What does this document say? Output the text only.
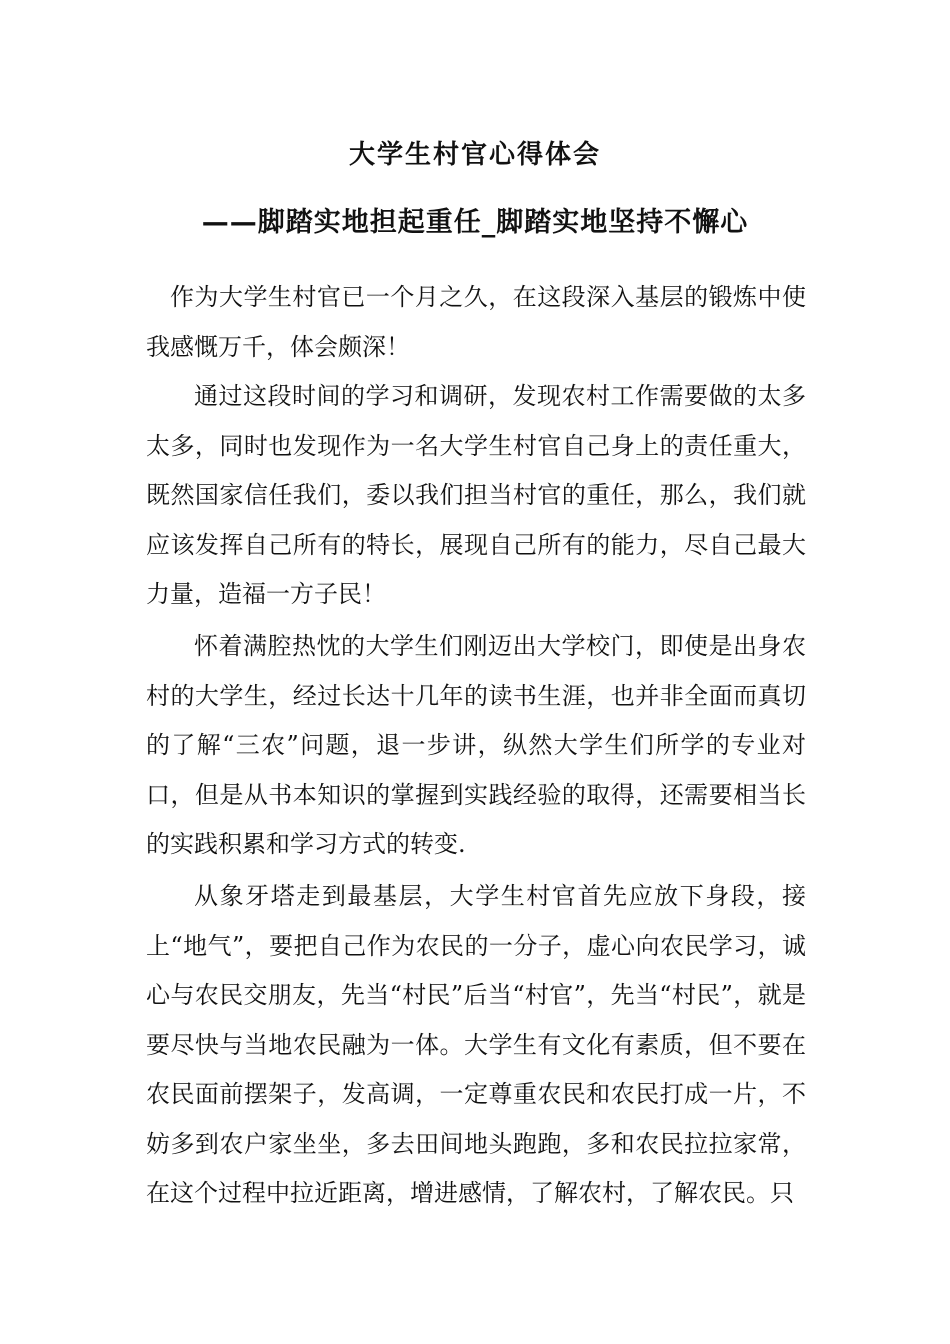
大学生村官心得体会
——脚踏实地担起重任_脚踏实地坚持不懈心

作为大学生村官已一个月之久，在这段深入基层的锻炼中使我感慨万千，体会颇深！

通过这段时间的学习和调研，发现农村工作需要做的太多太多，同时也发现作为一名大学生村官自己身上的责任重大，既然国家信任我们，委以我们担当村官的重任，那么，我们就应该发挥自己所有的特长，展现自己所有的能力，尽自己最大力量，造福一方子民！

怀着满腔热忱的大学生们刚迈出大学校门，即使是出身农村的大学生，经过长达十几年的读书生涯，也并非全面而真切的了解“三农”问题，退一步讲，纵然大学生们所学的专业对口，但是从书本知识的掌握到实践经验的取得，还需要相当长的实践积累和学习方式的转变.

从象牙塔走到最基层，大学生村官首先应放下身段，接上“地气”，要把自己作为农民的一分子，虚心向农民学习，诚心与农民交朋友，先当“村民”后当“村官”，先当“村民”，就是要尽快与当地农民融为一体。大学生有文化有素质，但不要在农民面前摆架子，发高调，一定尊重农民和农民打成一片，不妨多到农户家坐坐，多去田间地头跑跑，多和农民拉拉家常，在这个过程中拉近距离，增进感情，了解农村，了解农民。只
